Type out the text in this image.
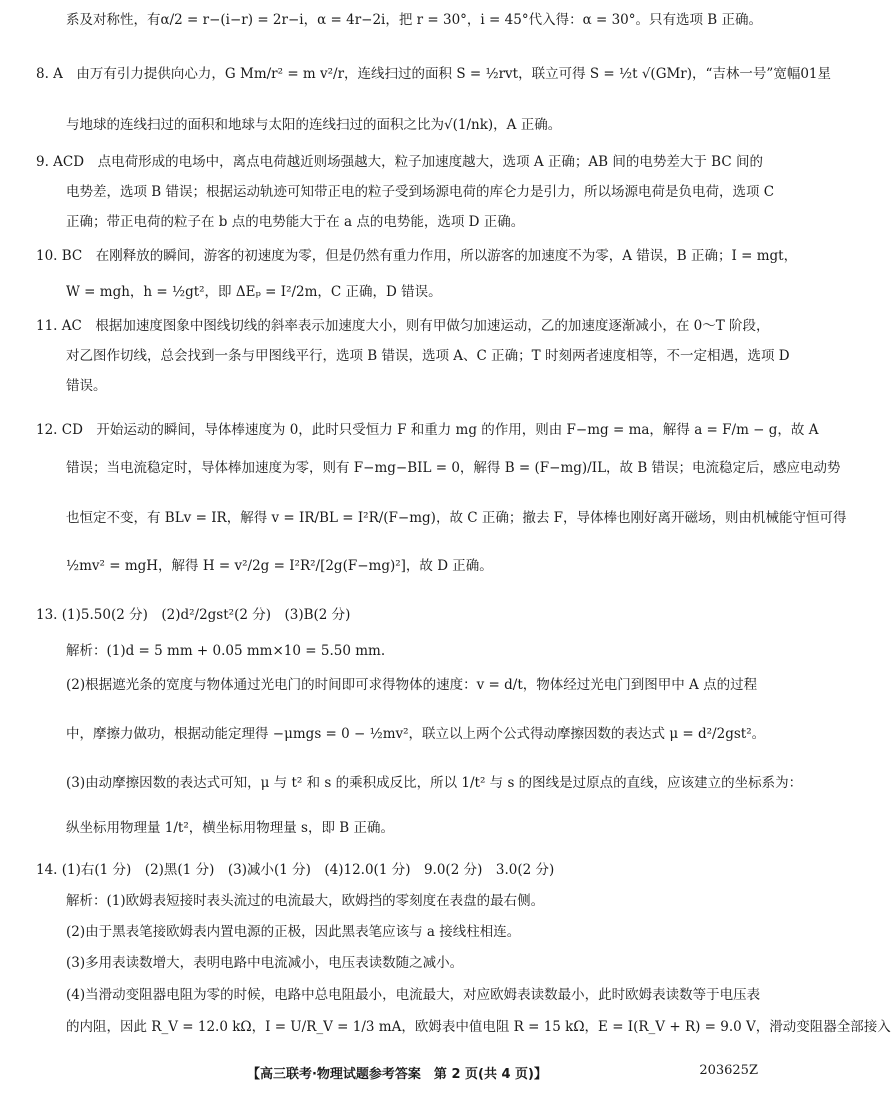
系及对称性，有α/2 = r−(i−r) = 2r−i，α = 4r−2i，把 r = 30°，i = 45°代入得：α = 30°。只有选项 B 正确。
8. A　由万有引力提供向心力，G Mm/r² = m v²/r，连线扫过的面积 S = ½rvt，联立可得 S = ½t √(GMr)，“吉林一号”宽幅01星
与地球的连线扫过的面积和地球与太阳的连线扫过的面积之比为√(1/nk)，A 正确。
9. ACD　点电荷形成的电场中，离点电荷越近则场强越大，粒子加速度越大，选项 A 正确；AB 间的电势差大于 BC 间的
电势差，选项 B 错误；根据运动轨迹可知带正电的粒子受到场源电荷的库仑力是引力，所以场源电荷是负电荷，选项 C
正确；带正电荷的粒子在 b 点的电势能大于在 a 点的电势能，选项 D 正确。
10. BC　在刚释放的瞬间，游客的初速度为零，但是仍然有重力作用，所以游客的加速度不为零，A 错误，B 正确；I = mgt，
W = mgh，h = ½gt²，即 ΔEₚ = I²/2m，C 正确，D 错误。
11. AC　根据加速度图象中图线切线的斜率表示加速度大小，则有甲做匀加速运动，乙的加速度逐渐减小，在 0～T 阶段，
对乙图作切线，总会找到一条与甲图线平行，选项 B 错误，选项 A、C 正确；T 时刻两者速度相等，不一定相遇，选项 D
错误。
12. CD　开始运动的瞬间，导体棒速度为 0，此时只受恒力 F 和重力 mg 的作用，则由 F−mg = ma，解得 a = F/m − g，故 A
错误；当电流稳定时，导体棒加速度为零，则有 F−mg−BIL = 0，解得 B = (F−mg)/IL，故 B 错误；电流稳定后，感应电动势
也恒定不变，有 BLv = IR，解得 v = IR/BL = I²R/(F−mg)，故 C 正确；撤去 F，导体棒也刚好离开磁场，则由机械能守恒可得
½mv² = mgH，解得 H = v²/2g = I²R²/[2g(F−mg)²]，故 D 正确。
13. (1)5.50(2 分)　(2)d²/2gst²(2 分)　(3)B(2 分)
解析：(1)d = 5 mm + 0.05 mm×10 = 5.50 mm.
(2)根据遮光条的宽度与物体通过光电门的时间即可求得物体的速度：v = d/t，物体经过光电门到图甲中 A 点的过程
中，摩擦力做功，根据动能定理得 −μmgs = 0 − ½mv²，联立以上两个公式得动摩擦因数的表达式 μ = d²/2gst²。
(3)由动摩擦因数的表达式可知，μ 与 t² 和 s 的乘积成反比，所以 1/t² 与 s 的图线是过原点的直线，应该建立的坐标系为：
纵坐标用物理量 1/t²，横坐标用物理量 s，即 B 正确。
14. (1)右(1 分)　(2)黑(1 分)　(3)减小(1 分)　(4)12.0(1 分)　9.0(2 分)　3.0(2 分)
解析：(1)欧姆表短接时表头流过的电流最大，欧姆挡的零刻度在表盘的最右侧。
(2)由于黑表笔接欧姆表内置电源的正极，因此黑表笔应该与 a 接线柱相连。
(3)多用表读数增大，表明电路中电流减小，电压表读数随之减小。
(4)当滑动变阻器电阻为零的时候，电路中总电阻最小，电流最大，对应欧姆表读数最小，此时欧姆表读数等于电压表
的内阻，因此 R_V = 12.0 kΩ，I = U/R_V = 1/3 mA，欧姆表中值电阻 R = 15 kΩ，E = I(R_V + R) = 9.0 V，滑动变阻器全部接入
【高三联考·物理试题参考答案　第 2 页(共 4 页)】	203625Z
